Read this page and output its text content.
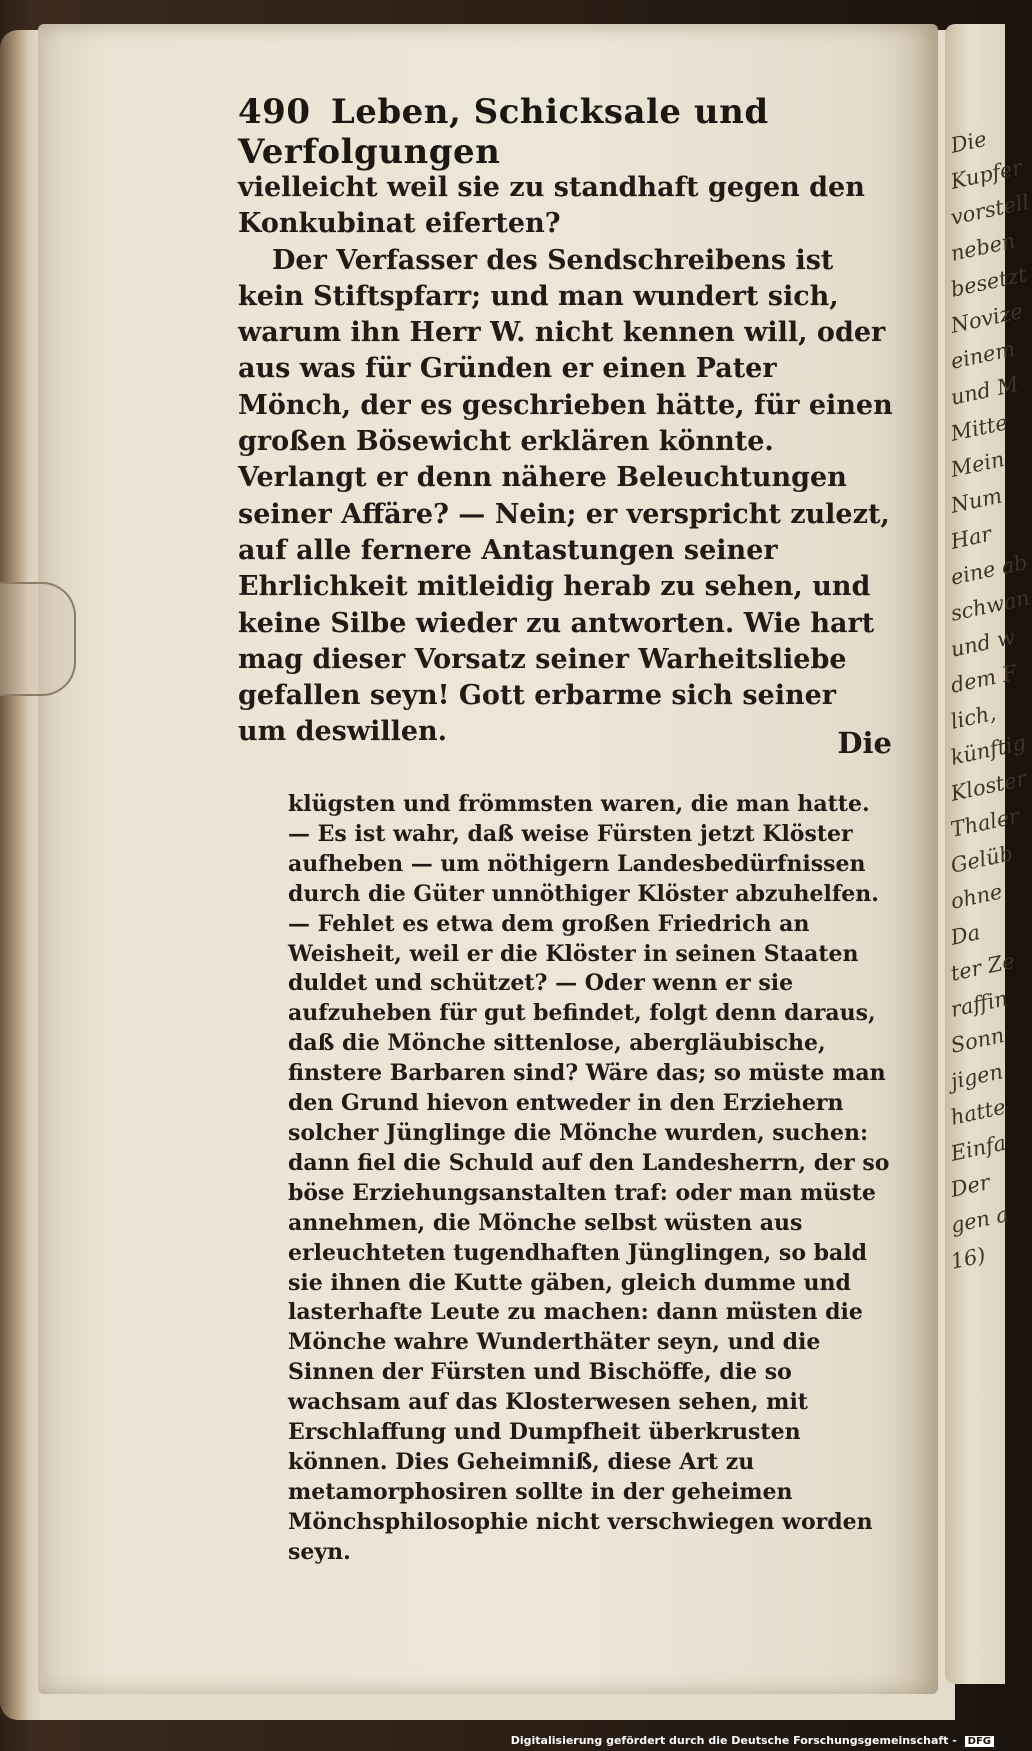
Die
Kupfer
vorstell
neben
besetzt
Novize
einem
und M
Mitte
Mein
Num
Har
eine ab
schwan
und w
dem F
lich,
künftig
Kloster
Thaler
Gelüb
ohne
Da
ter Ze
raffin
Sonn
jigen
hatte
Einfa
Der
gen a
16)
490 Leben, Schicksale und Verfolgungen

vielleicht weil sie zu standhaft gegen den Konkubinat eiferten?

Der Verfasser des Sendschreibens ist kein Stiftspfarr; und man wundert sich, warum ihn Herr W. nicht kennen will, oder aus was für Gründen er einen Pater Mönch, der es geschrieben hätte, für einen großen Bösewicht erklären könnte. Verlangt er denn nähere Beleuchtungen seiner Affäre? — Nein; er verspricht zulezt, auf alle fernere Antastungen seiner Ehrlichkeit mitleidig herab zu sehen, und keine Silbe wieder zu antworten. Wie hart mag dieser Vorsatz seiner Warheitsliebe gefallen seyn! Gott erbarme sich seiner um deswillen.	Die

klügsten und frömmsten waren, die man hatte. — Es ist wahr, daß weise Fürsten jetzt Klöster aufheben — um nöthigern Landesbedürfnissen durch die Güter unnöthiger Klöster abzuhelfen. — Fehlet es etwa dem großen Friedrich an Weisheit, weil er die Klöster in seinen Staaten duldet und schützet? — Oder wenn er sie aufzuheben für gut befindet, folgt denn daraus, daß die Mönche sittenlose, abergläubische, finstere Barbaren sind? Wäre das; so müste man den Grund hievon entweder in den Erziehern solcher Jünglinge die Mönche wurden, suchen: dann fiel die Schuld auf den Landesherrn, der so böse Erziehungsanstalten traf: oder man müste annehmen, die Mönche selbst wüsten aus erleuchteten tugendhaften Jünglingen, so bald sie ihnen die Kutte gäben, gleich dumme und lasterhafte Leute zu machen: dann müsten die Mönche wahre Wunderthäter seyn, und die Sinnen der Fürsten und Bischöffe, die so wachsam auf das Klosterwesen sehen, mit Erschlaffung und Dumpfheit überkrusten können. Dies Geheimniß, diese Art zu metamorphosiren sollte in der geheimen Mönchsphilosophie nicht verschwiegen worden seyn.

Digitalisierung gefördert durch die Deutsche Forschungsgemeinschaft - DFG
